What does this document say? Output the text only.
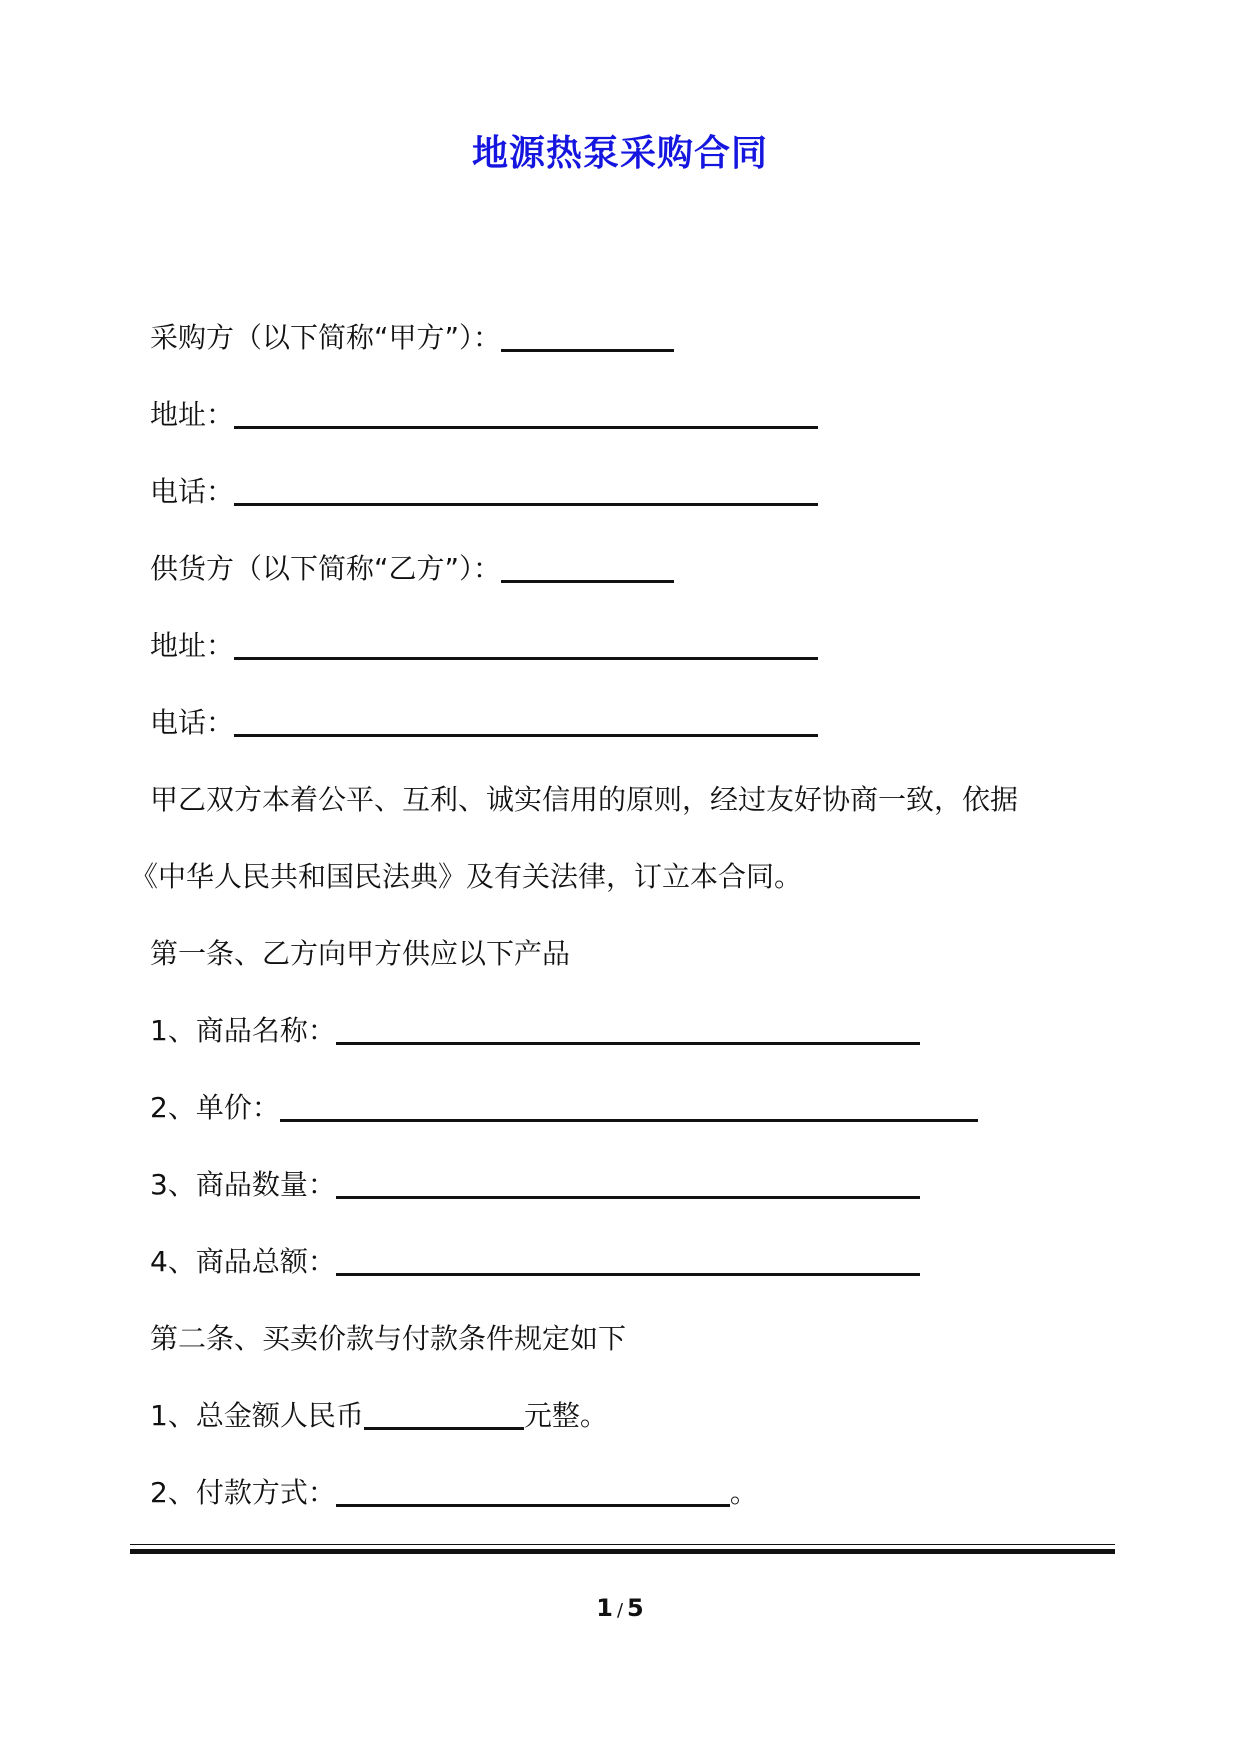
地源热泵采购合同
采购方（以下简称“甲方”）：
地址：
电话：
供货方（以下简称“乙方”）：
地址：
电话：
甲乙双方本着公平、互利、诚实信用的原则，经过友好协商一致，依据
《中华人民共和国民法典》及有关法律，订立本合同。
第一条、乙方向甲方供应以下产品
1、商品名称：
2、单价：
3、商品数量：
4、商品总额：
第二条、买卖价款与付款条件规定如下
1、总金额人民币	元整。
2、付款方式：	。
1 / 5
